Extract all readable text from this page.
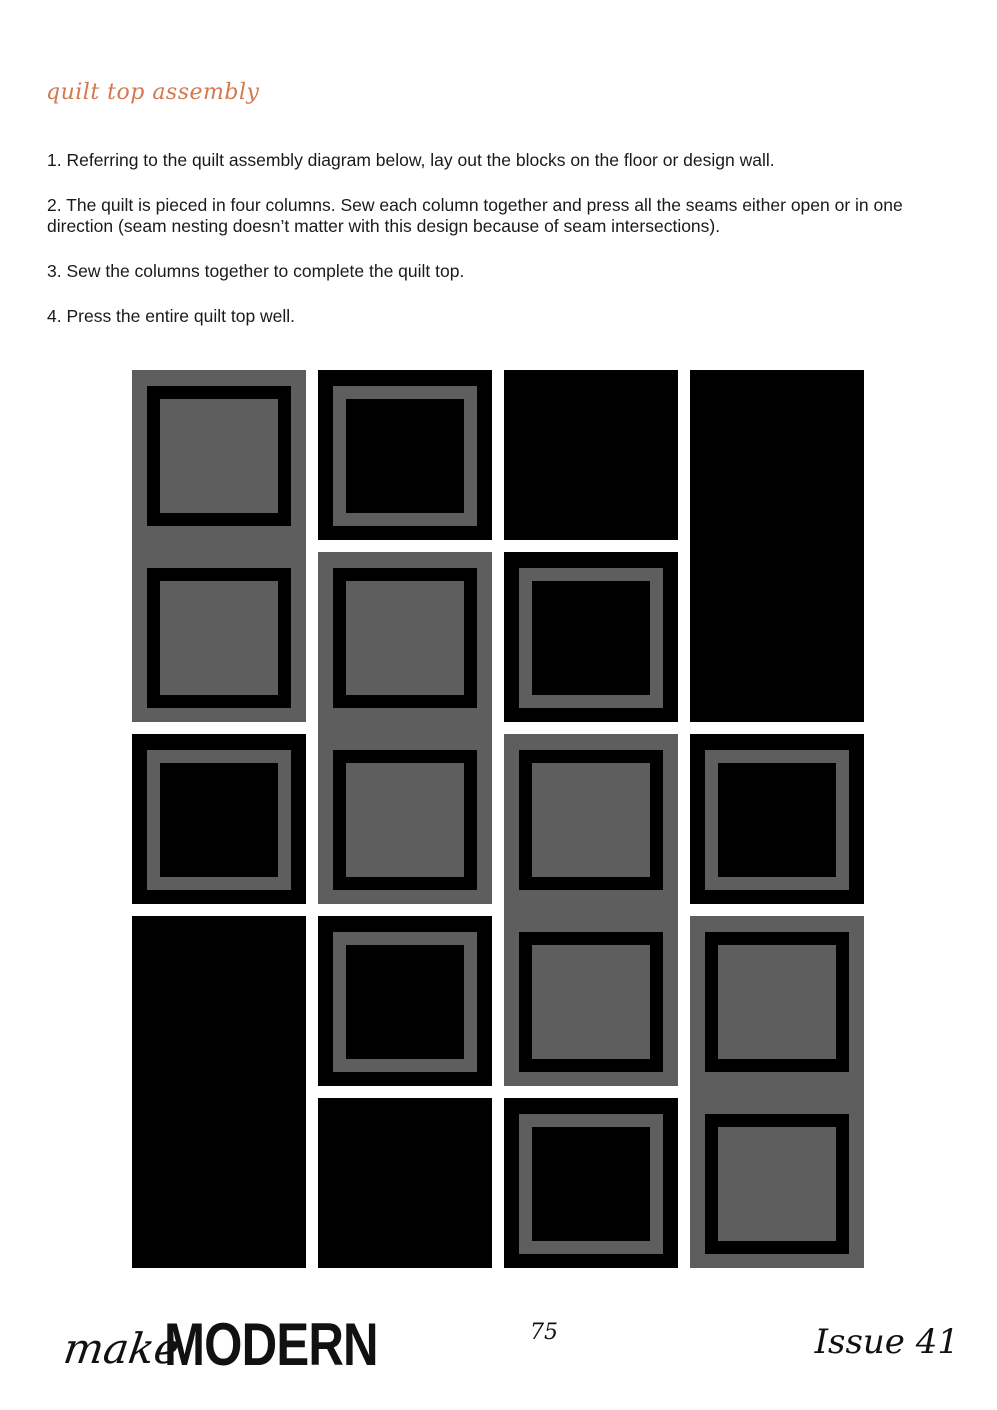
quilt top assembly

1. Referring to the quilt assembly diagram below, lay out the blocks on the floor or design wall.

2. The quilt is pieced in four columns. Sew each column together and press all the seams either open or in one direction (seam nesting doesn’t matter with this design because of seam intersections).

3. Sew the columns together to complete the quilt top.

4. Press the entire quilt top well.

make
MODERN	75	Issue 41
